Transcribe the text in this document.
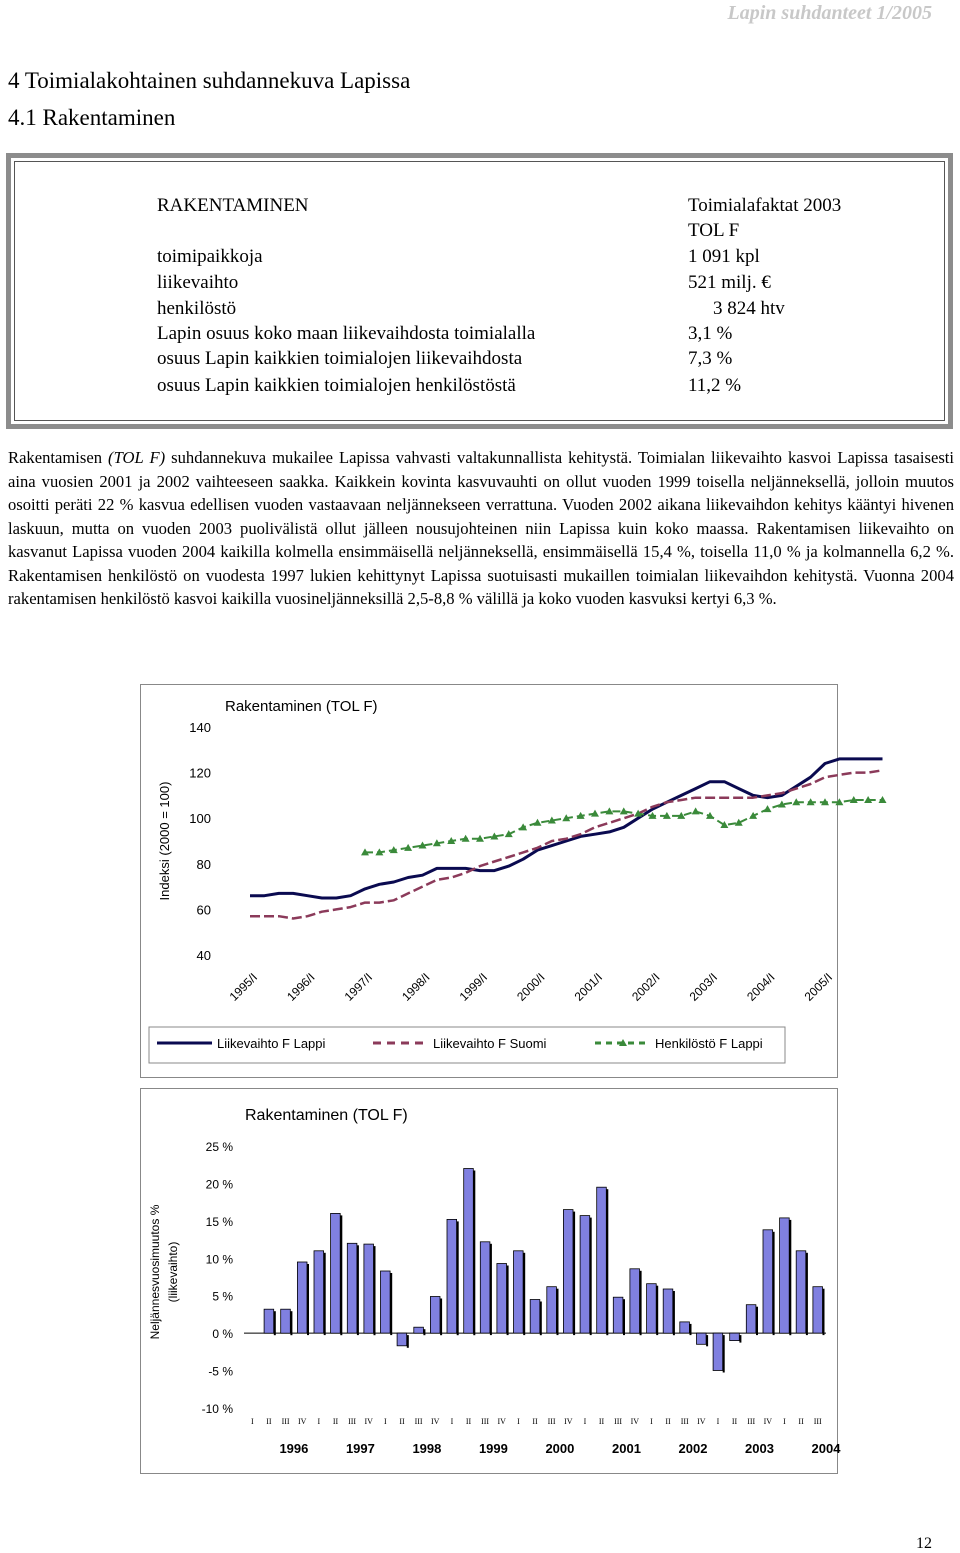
Lapin suhdanteet 1/2005
4 Toimialakohtainen suhdannekuva Lapissa
4.1 Rakentaminen
RAKENTAMINEN	Toimialafaktat 2003
TOL F
toimipaikkoja	1 091 kpl
liikevaihto	521 milj. €
henkilöstö	3 824 htv
Lapin osuus koko maan liikevaihdosta toimialalla	3,1 %
osuus Lapin kaikkien toimialojen liikevaihdosta	7,3 %
osuus Lapin kaikkien toimialojen henkilöstöstä	11,2 %

Rakentamisen (TOL F) suhdannekuva mukailee Lapissa vahvasti valtakunnallista kehitystä. Toimialan liikevaihto kasvoi Lapissa tasaisesti aina vuosien 2001 ja 2002 vaihteeseen saakka. Kaikkein kovinta kasvuvauhti on ollut vuoden 1999 toisella neljänneksellä, jolloin muutos osoitti peräti 22 % kasvua edellisen vuoden vastaavaan neljännekseen verrattuna. Vuoden 2002 aikana liikevaihdon kehitys kääntyi hivenen laskuun, mutta on vuoden 2003 puolivälistä ollut jälleen nousujohteinen niin Lapissa kuin koko maassa. Rakentamisen liikevaihto on kasvanut Lapissa vuoden 2004 kaikilla kolmella ensimmäisellä neljänneksellä, ensimmäisellä 15,4 %, toisella 11,0 % ja kolmannella 6,2 %. Rakentamisen henkilöstö on vuodesta 1997 lukien kehittynyt Lapissa suotuisasti mukaillen toimialan liikevaihdon kehitystä. Vuonna 2004 rakentamisen henkilöstö kasvoi kaikilla vuosineljänneksillä 2,5-8,8 % välillä ja koko vuoden kasvuksi kertyi 6,3 %.

Rakentaminen (TOL F)
40
60
80
100
120
140
Indeksi (2000 = 100)
1995/I 1996/I 1997/I 1998/I 1999/I 2000/I 2001/I 2002/I 2003/I 2004/I 2005/I
Liikevaihto F Lappi	Liikevaihto F Suomi	Henkilöstö F Lappi
Rakentaminen (TOL F)
-10 %
-5 %
0 %
5 %
10 %
15 %
20 %
25 %
Neljännesvuosimuutos % (liikevaihto)
I II III IV I II III IV I II III IV I II III IV I II III IV I II III IV I II III IV I II III IV I II III
1996	1997	1998	1999	2000	2001	2002	2003	2004
12
